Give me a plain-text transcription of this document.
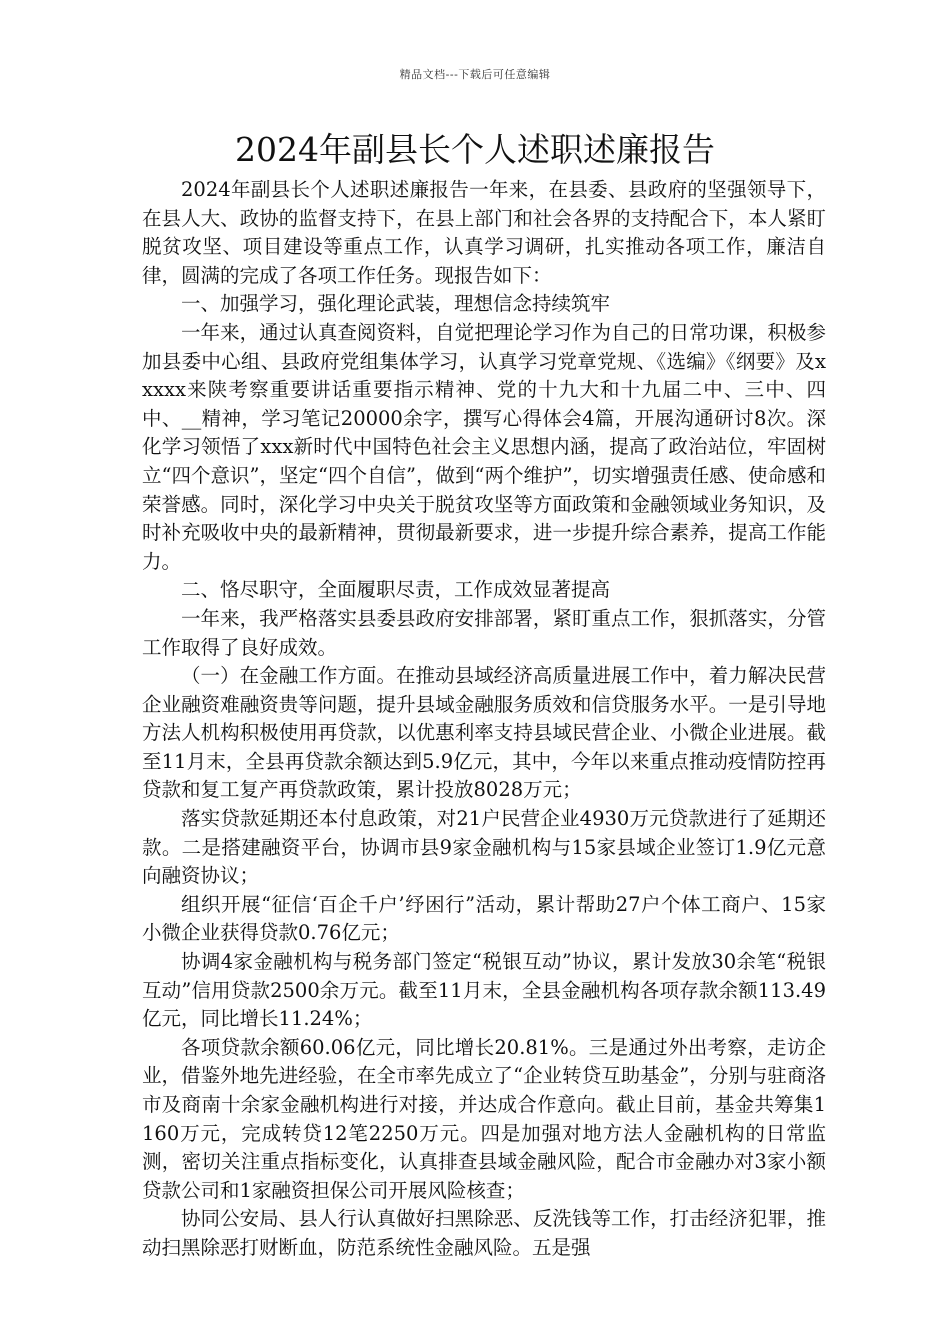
精品文档---下载后可任意编辑
2024年副县长个人述职述廉报告

2024年副县长个人述职述廉报告一年来，在县委、县政府的坚强领导下，在县人大、政协的监督支持下，在县上部门和社会各界的支持配合下，本人紧盯脱贫攻坚、项目建设等重点工作，认真学习调研，扎实推动各项工作，廉洁自律，圆满的完成了各项工作任务。现报告如下：

一、加强学习，强化理论武装，理想信念持续筑牢

一年来，通过认真查阅资料，自觉把理论学习作为自己的日常功课，积极参加县委中心组、县政府党组集体学习，认真学习党章党规、《选编》《纲要》及xxxxx来陕考察重要讲话重要指示精神、党的十九大和十九届二中、三中、四中、__精神，学习笔记20000余字，撰写心得体会4篇，开展沟通研讨8次。深化学习领悟了xxx新时代中国特色社会主义思想内涵，提高了政治站位，牢固树立“四个意识”，坚定“四个自信”，做到“两个维护”，切实增强责任感、使命感和荣誉感。同时，深化学习中央关于脱贫攻坚等方面政策和金融领域业务知识，及时补充吸收中央的最新精神，贯彻最新要求，进一步提升综合素养，提高工作能力。

二、恪尽职守，全面履职尽责，工作成效显著提高

一年来，我严格落实县委县政府安排部署，紧盯重点工作，狠抓落实，分管工作取得了良好成效。

（一）在金融工作方面。在推动县域经济高质量进展工作中，着力解决民营企业融资难融资贵等问题，提升县域金融服务质效和信贷服务水平。一是引导地方法人机构积极使用再贷款，以优惠利率支持县域民营企业、小微企业进展。截至11月末，全县再贷款余额达到5.9亿元，其中，今年以来重点推动疫情防控再贷款和复工复产再贷款政策，累计投放8028万元；

落实贷款延期还本付息政策，对21户民营企业4930万元贷款进行了延期还款。二是搭建融资平台，协调市县9家金融机构与15家县域企业签订1.9亿元意向融资协议；

组织开展“征信‘百企千户’纾困行”活动，累计帮助27户个体工商户、15家小微企业获得贷款0.76亿元；

协调4家金融机构与税务部门签定“税银互动”协议，累计发放30余笔“税银互动”信用贷款2500余万元。截至11月末，全县金融机构各项存款余额113.49亿元，同比增长11.24%；

各项贷款余额60.06亿元，同比增长20.81%。三是通过外出考察，走访企业，借鉴外地先进经验，在全市率先成立了“企业转贷互助基金”，分别与驻商洛市及商南十余家金融机构进行对接，并达成合作意向。截止目前，基金共筹集1160万元，完成转贷12笔2250万元。四是加强对地方法人金融机构的日常监测，密切关注重点指标变化，认真排查县域金融风险，配合市金融办对3家小额贷款公司和1家融资担保公司开展风险核查；

协同公安局、县人行认真做好扫黑除恶、反洗钱等工作，打击经济犯罪，推动扫黑除恶打财断血，防范系统性金融风险。五是强
